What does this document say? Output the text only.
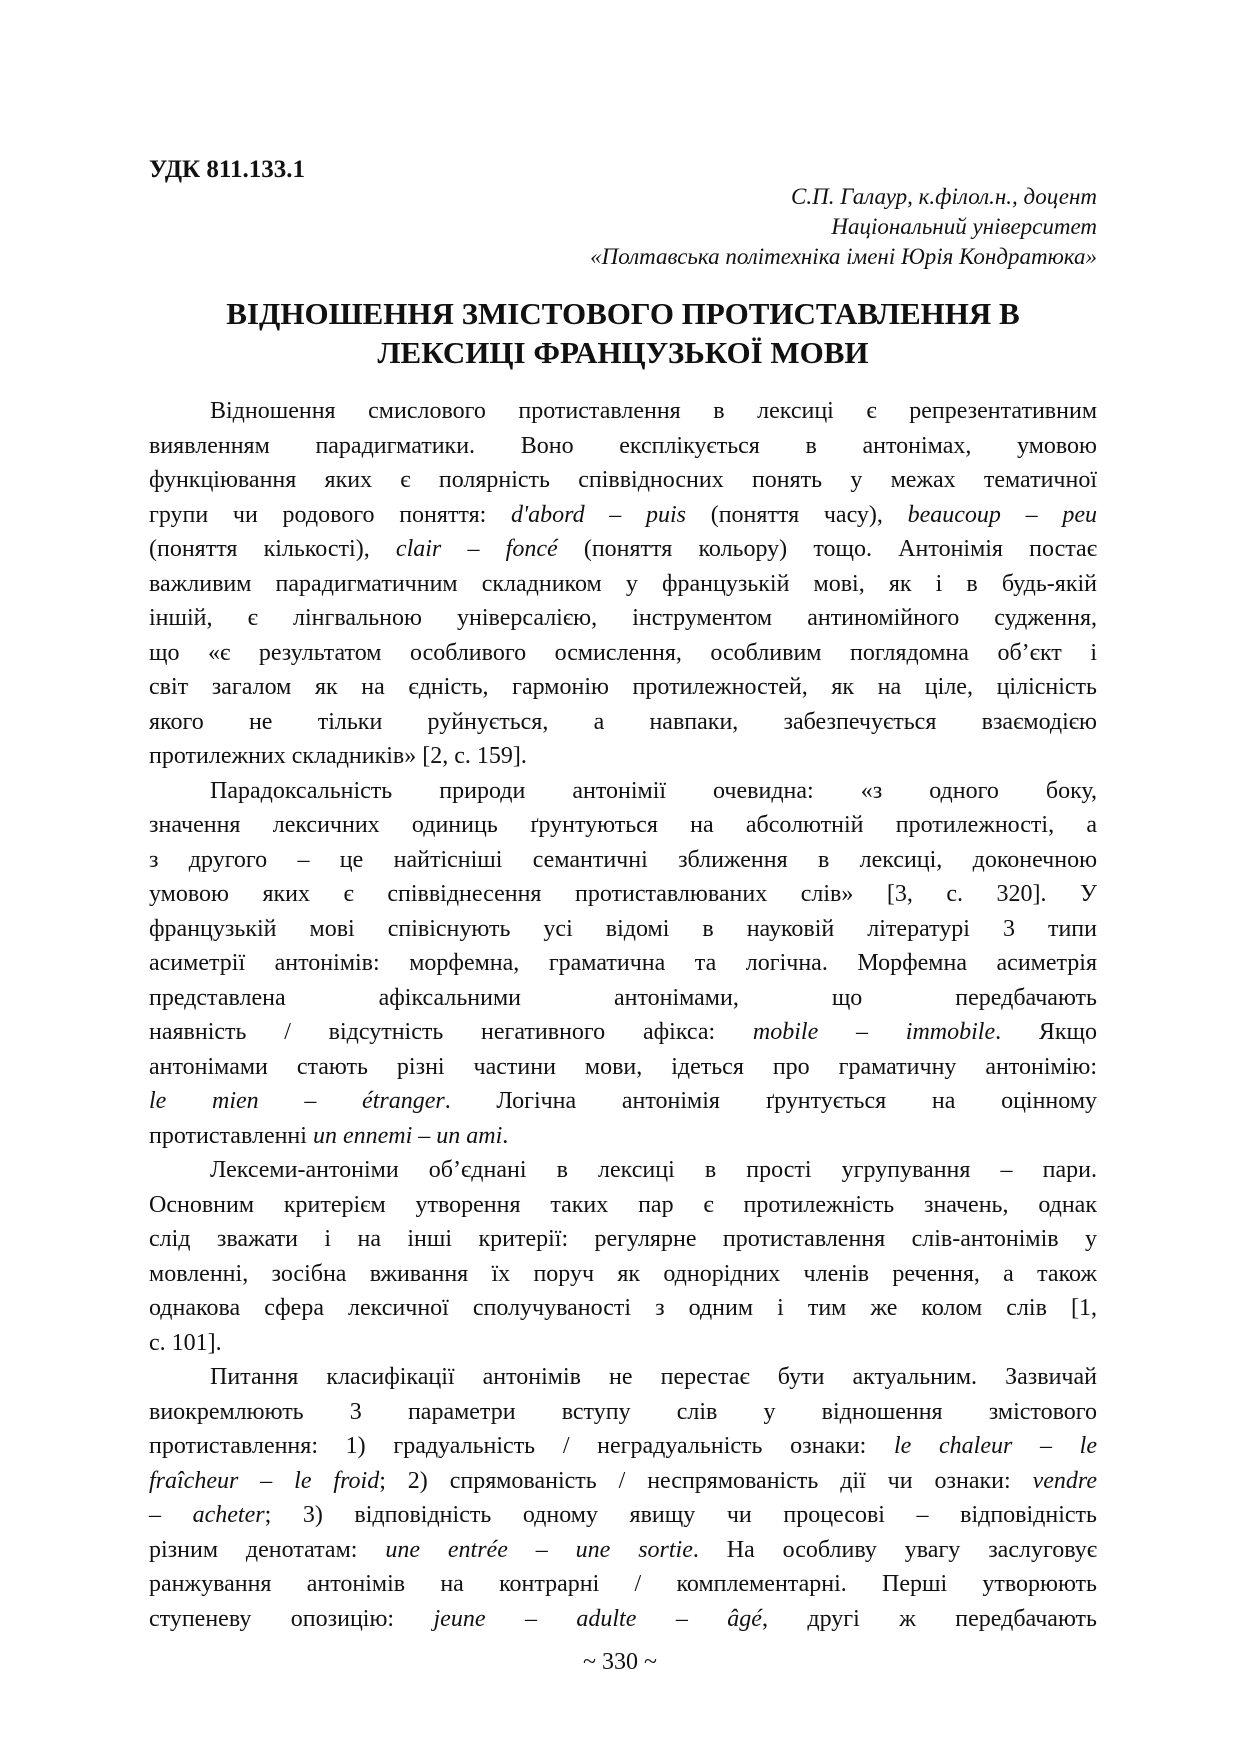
УДК 811.133.1
С.П. Галаур, к.філол.н., доцент
Національний університет
«Полтавська політехніка імені Юрія Кондратюка»
ВІДНОШЕННЯ ЗМІСТОВОГО ПРОТИСТАВЛЕННЯ В
ЛЕКСИЦІ ФРАНЦУЗЬКОЇ МОВИ
Відношення смислового протиставлення в лексиці є репрезентативним
виявленням парадигматики. Воно експлікується в антонімах, умовою
функціювання яких є полярність співвідносних понять у межах тематичної
групи чи родового поняття: d'abord – puis (поняття часу), beaucoup – peu
(поняття кількості), clair – foncé (поняття кольору) тощо. Антонімія постає
важливим парадигматичним складником у французькій мові, як і в будь-якій
іншій, є лінгвальною універсалією, інструментом антиномійного судження,
що «є результатом особливого осмислення, особливим поглядомна об’єкт і
світ загалом як на єдність, гармонію протилежностей, як на ціле, цілісність
якого не тільки руйнується, а навпаки, забезпечується взаємодією
протилежних складників» [2, с. 159].
Парадоксальність природи антонімії очевидна: «з одного боку,
значення лексичних одиниць ґрунтуються на абсолютній протилежності, а
з другого – це найтісніші семантичні зближення в лексиці, доконечною
умовою яких є співвіднесення протиставлюваних слів» [3, с. 320]. У
французькій мові співіснують усі відомі в науковій літературі 3 типи
асиметрії антонімів: морфемна, граматична та логічна. Морфемна асиметрія
представлена афіксальними антонімами, що передбачають
наявність / відсутність негативного афікса: mobile – immobile. Якщо
антонімами стають різні частини мови, ідеться про граматичну антонімію:
le mien – étranger. Логічна антонімія ґрунтується на оцінному
протиставленні un ennemi – un ami.
Лексеми-антоніми об’єднані в лексиці в прості угрупування – пари.
Основним критерієм утворення таких пар є протилежність значень, однак
слід зважати і на інші критерії: регулярне протиставлення слів-антонімів у
мовленні, зосібна вживання їх поруч як однорідних членів речення, а також
однакова сфера лексичної сполучуваності з одним і тим же колом слів [1,
с. 101].
Питання класифікації антонімів не перестає бути актуальним. Зазвичай
виокремлюють 3 параметри вступу слів у відношення змістового
протиставлення: 1) градуальність / неградуальність ознаки: le chaleur – le
fraîcheur – le froid; 2) спрямованість / неспрямованість дії чи ознаки: vendre
– acheter; 3) відповідність одному явищу чи процесові – відповідність
різним денотатам: une entrée – une sortie. На особливу увагу заслуговує
ранжування антонімів на контрарні / комплементарні. Перші утворюють
ступеневу опозицію: jeune – adulte – âgé, другі ж передбачають
~ 330 ~
